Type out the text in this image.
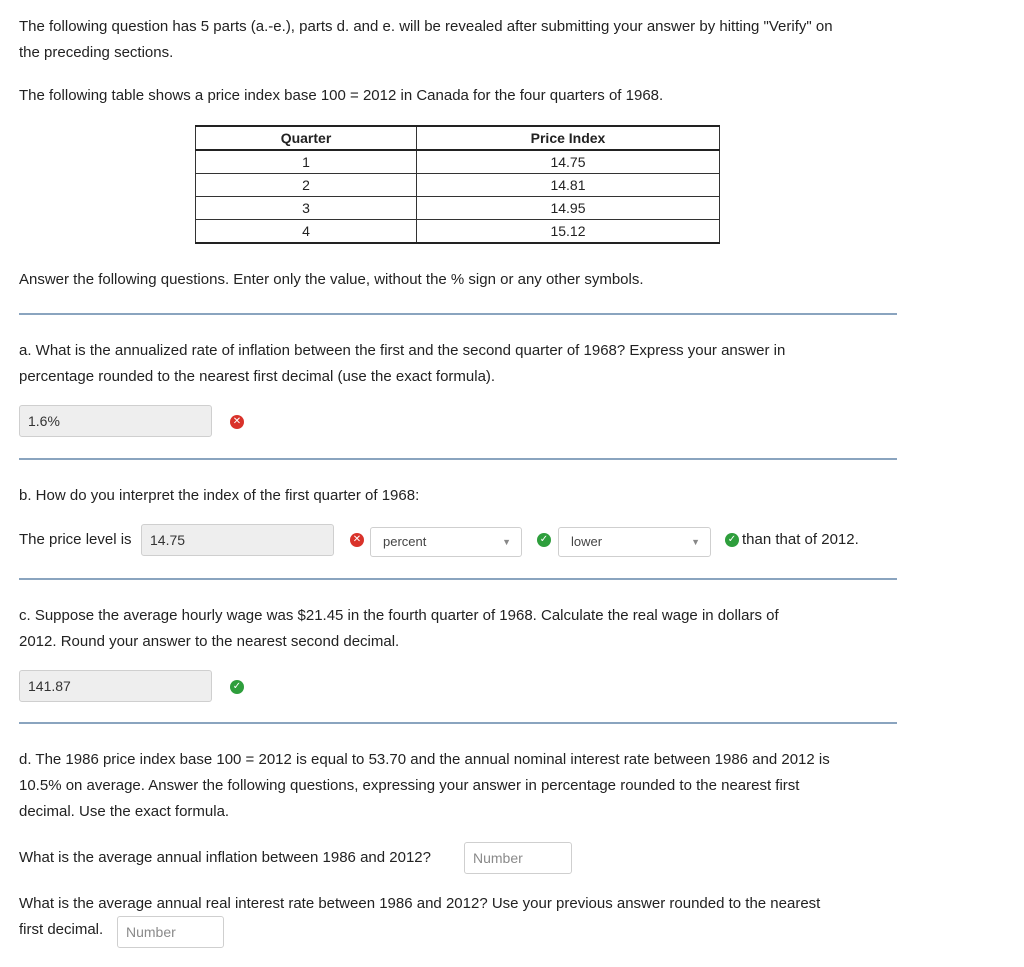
The following question has 5 parts (a.-e.), parts d. and e. will be revealed after submitting your answer by hitting "Verify" on
the preceding sections.

The following table shows a price index base 100 = 2012 in Canada for the four quarters of 1968.

Quarter	Price Index
1	14.75
2	14.81
3	14.95
4	15.12

Answer the following questions. Enter only the value, without the % sign or any other symbols.

a. What is the annualized rate of inflation between the first and the second quarter of 1968? Express your answer in
percentage rounded to the nearest first decimal (use the exact formula).

1.6%	✕

b. How do you interpret the index of the first quarter of 1968:

The price level is	14.75	✕	percent	▼	✓	lower	▼	✓ than that of 2012.

c. Suppose the average hourly wage was $21.45 in the fourth quarter of 1968. Calculate the real wage in dollars of
2012. Round your answer to the nearest second decimal.

141.87	✓

d. The 1986 price index base 100 = 2012 is equal to 53.70 and the annual nominal interest rate between 1986 and 2012 is
10.5% on average. Answer the following questions, expressing your answer in percentage rounded to the nearest first
decimal. Use the exact formula.

What is the average annual inflation between 1986 and 2012?	Number

What is the average annual real interest rate between 1986 and 2012? Use your previous answer rounded to the nearest
first decimal.	Number
